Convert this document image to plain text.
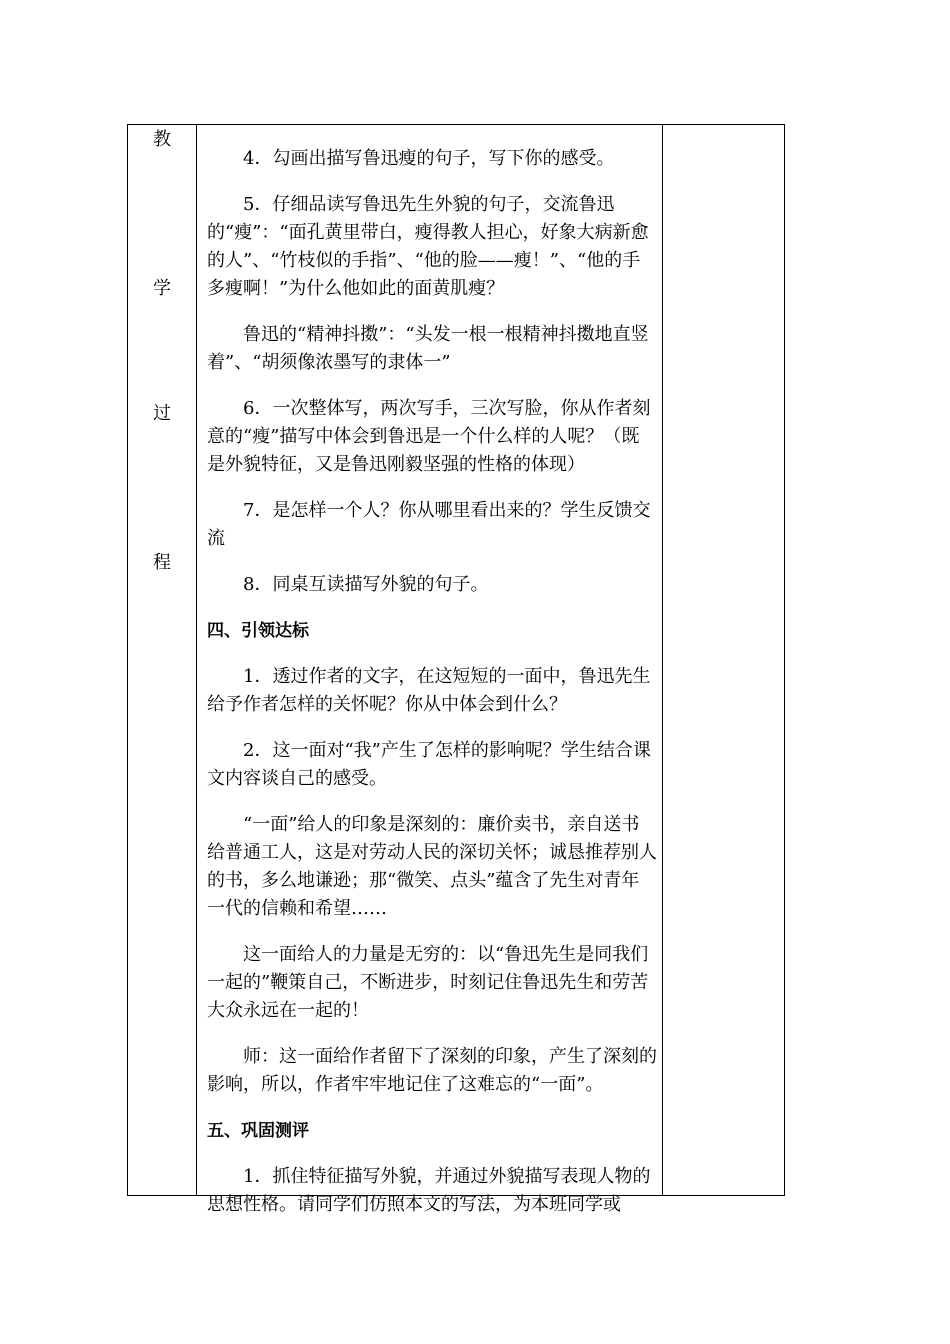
教
学
过
程

4．勾画出描写鲁迅瘦的句子，写下你的感受。

5．仔细品读写鲁迅先生外貌的句子，交流鲁迅的“瘦”：“面孔黄里带白，瘦得教人担心，好象大病新愈的人”、“竹枝似的手指”、“他的脸——瘦！”、“他的手多瘦啊！”为什么他如此的面黄肌瘦？

鲁迅的“精神抖擞”：“头发一根一根精神抖擞地直竖着”、“胡须像浓墨写的隶体一”

6．一次整体写，两次写手，三次写脸，你从作者刻意的“瘦”描写中体会到鲁迅是一个什么样的人呢？（既是外貌特征，又是鲁迅刚毅坚强的性格的体现）

7．是怎样一个人？你从哪里看出来的？学生反馈交流

8．同桌互读描写外貌的句子。

四、引领达标

1．透过作者的文字，在这短短的一面中，鲁迅先生给予作者怎样的关怀呢？你从中体会到什么？

2．这一面对“我”产生了怎样的影响呢？学生结合课文内容谈自己的感受。

“一面”给人的印象是深刻的：廉价卖书，亲自送书给普通工人，这是对劳动人民的深切关怀；诚恳推荐别人的书，多么地谦逊；那“微笑、点头”蕴含了先生对青年一代的信赖和希望……

这一面给人的力量是无穷的：以“鲁迅先生是同我们一起的”鞭策自己，不断进步，时刻记住鲁迅先生和劳苦大众永远在一起的！

师：这一面给作者留下了深刻的印象，产生了深刻的影响，所以，作者牢牢地记住了这难忘的“一面”。

五、巩固测评

1．抓住特征描写外貌，并通过外貌描写表现人物的思想性格。请同学们仿照本文的写法，为本班同学或
